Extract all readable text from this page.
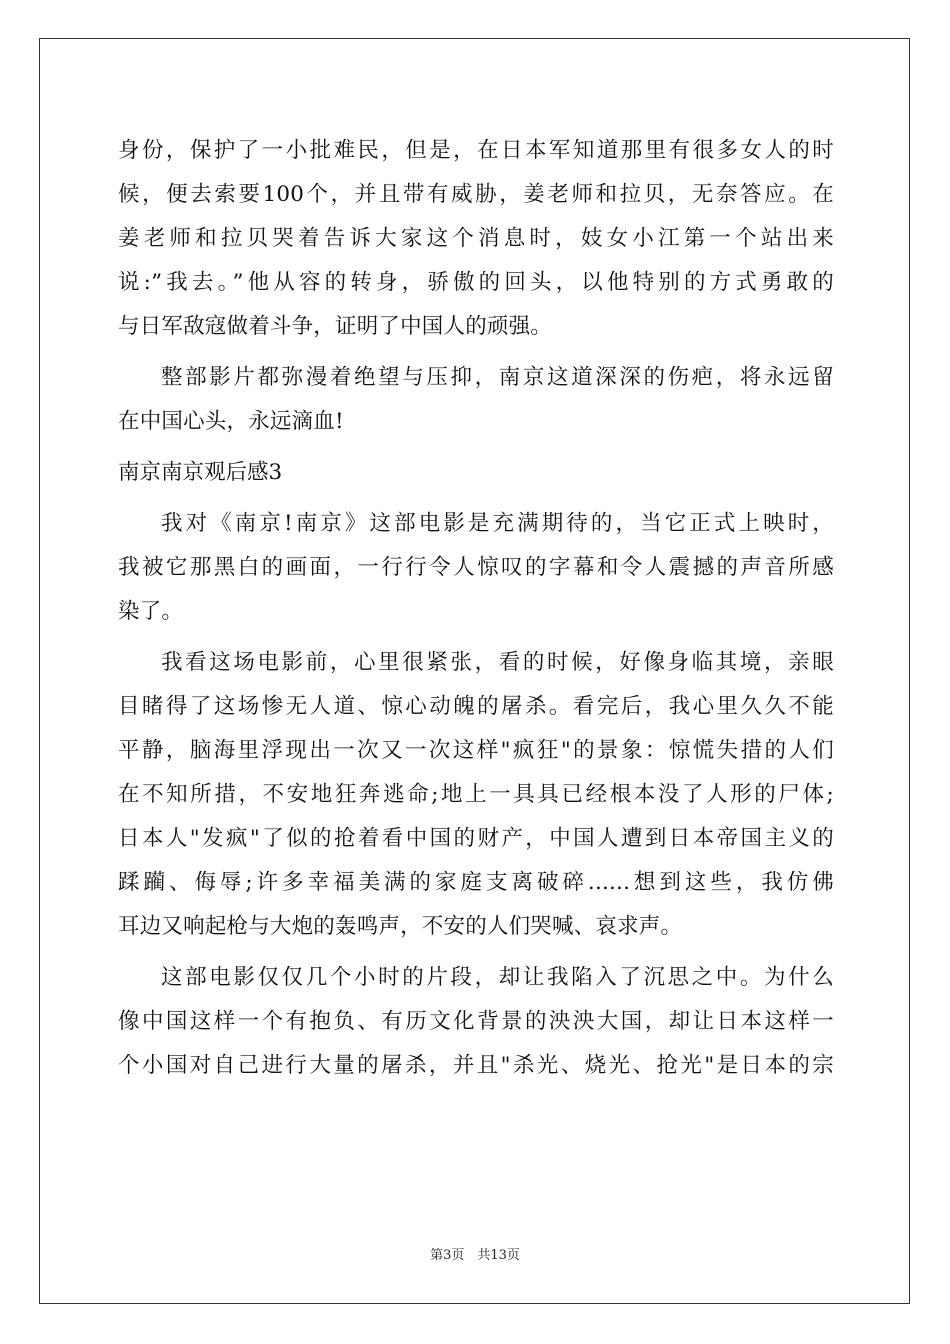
身份，保护了一小批难民，但是，在日本军知道那里有很多女人的时
候，便去索要100个，并且带有威胁，姜老师和拉贝，无奈答应。在
姜老师和拉贝哭着告诉大家这个消息时，妓女小江第一个站出来
说:”我去。”他从容的转身，骄傲的回头，以他特别的方式勇敢的
与日军敌寇做着斗争，证明了中国人的顽强。
整部影片都弥漫着绝望与压抑，南京这道深深的伤疤，将永远留
在中国心头，永远滴血!
南京南京观后感3
我对《南京!南京》这部电影是充满期待的，当它正式上映时，
我被它那黑白的画面，一行行令人惊叹的字幕和令人震撼的声音所感
染了。
我看这场电影前，心里很紧张，看的时候，好像身临其境，亲眼
目睹得了这场惨无人道、惊心动魄的屠杀。看完后，我心里久久不能
平静，脑海里浮现出一次又一次这样"疯狂"的景象：惊慌失措的人们
在不知所措，不安地狂奔逃命;地上一具具已经根本没了人形的尸体;
日本人"发疯"了似的抢着看中国的财产，中国人遭到日本帝国主义的
蹂躏、侮辱;许多幸福美满的家庭支离破碎......想到这些，我仿佛
耳边又响起枪与大炮的轰鸣声，不安的人们哭喊、哀求声。
这部电影仅仅几个小时的片段，却让我陷入了沉思之中。为什么
像中国这样一个有抱负、有历文化背景的泱泱大国，却让日本这样一
个小国对自己进行大量的屠杀，并且"杀光、烧光、抢光"是日本的宗
第3页　共13页
